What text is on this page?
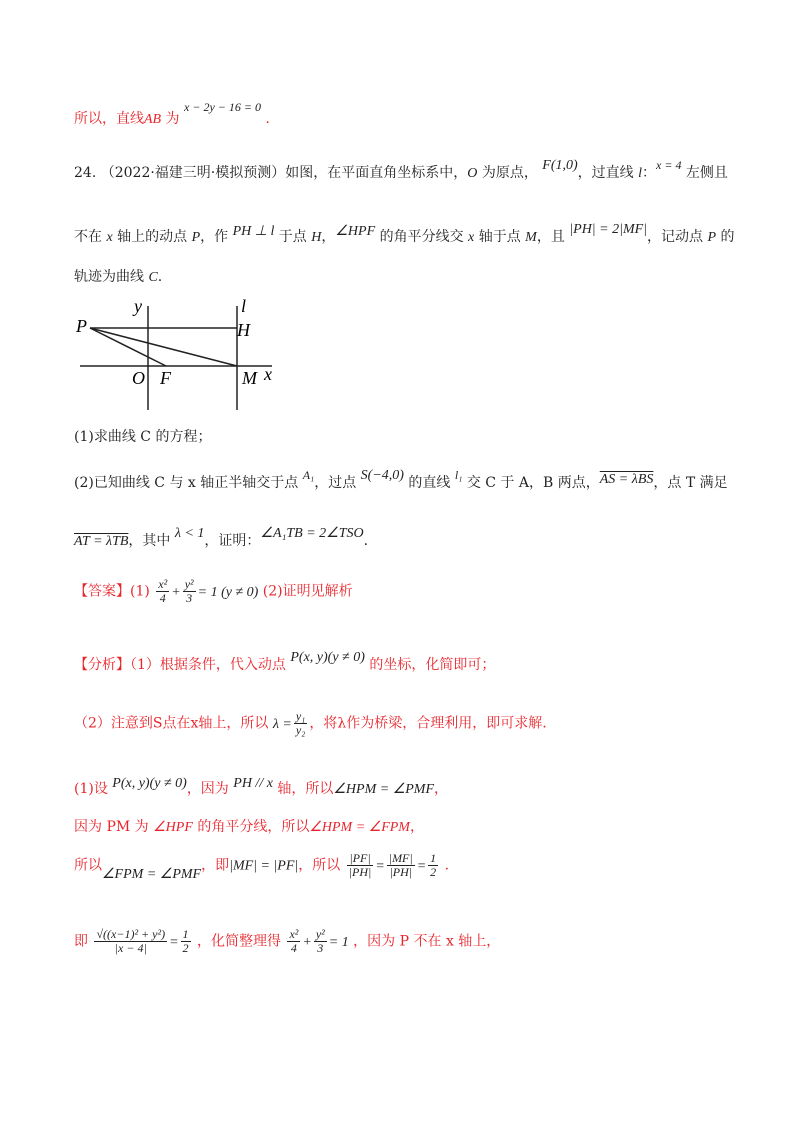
所以，直线AB 为 x − 2y − 16 = 0 .
24. （2022·福建三明·模拟预测）如图，在平面直角坐标系中，O 为原点， F(1,0)，过直线 l：x = 4 左侧且
不在 x 轴上的动点 P，作 PH ⊥ l 于点 H，∠HPF 的角平分线交 x 轴于点 M，且 |PH| = 2|MF|，记动点 P 的
轨迹为曲线 C.
y	l
P	H
O F	M x
(1)求曲线 C 的方程；
(2)已知曲线 C 与 x 轴正半轴交于点 A₁，过点 S(−4,0) 的直线 l₁ 交 C 于 A，B 两点，AS = λBS，点 T 满足
AT = λTB，其中 λ < 1，证明：∠A₁TB = 2∠TSO.
【答案】$(1) \frac{\text{x²}}{4} + \frac{\text{y²}}{3} = 1$ (y ≠ 0) (2)证明见解析
【分析】（1）根据条件，代入动点 P(x, y)(y ≠ 0) 的坐标，化简即可；
（2）注意到S点在x轴上，所以 $\lambda = \frac{\text{y₁}}{\text{y₂}}$ ，将λ作为桥梁，合理利用，即可求解.
(1)设 P(x, y)(y ≠ 0)，因为 PH // x 轴，所以∠HPM = ∠PMF，
因为 PM 为 ∠HPF 的角平分线，所以∠HPM = ∠FPM，
所以∠FPM = ∠PMF，即|MF| = |PF|，所以 $\frac{|PF|}{|PH|} = \frac{|MF|}{|PH|} = \frac{1}{2}$ .
即 $\frac{\text{√((x−1)² + y²)}}{|x - 4|} = \frac{1}{2}$ ，化简整理得 $\frac{\text{x²}}{4} + \frac{\text{y²}}{3} = 1$ ，因为 P 不在 x 轴上，
